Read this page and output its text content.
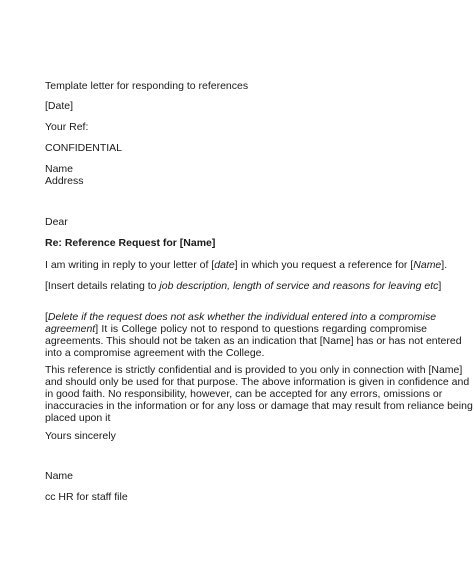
Template letter for responding to references
[Date]
Your Ref:
CONFIDENTIAL
Name
Address
Dear
Re: Reference Request for [Name]
I am writing in reply to your letter of [date] in which you request a reference for [Name].
[Insert details relating to job description, length of service and reasons for leaving etc]
[Delete if the request does not ask whether the individual entered into a compromise
agreement] It is College policy not to respond to questions regarding compromise
agreements. This should not be taken as an indication that [Name] has or has not entered
into a compromise agreement with the College.
This reference is strictly confidential and is provided to you only in connection with [Name]
and should only be used for that purpose. The above information is given in confidence and
in good faith. No responsibility, however, can be accepted for any errors, omissions or
inaccuracies in the information or for any loss or damage that may result from reliance being
placed upon it
Yours sincerely
Name
cc HR for staff file
